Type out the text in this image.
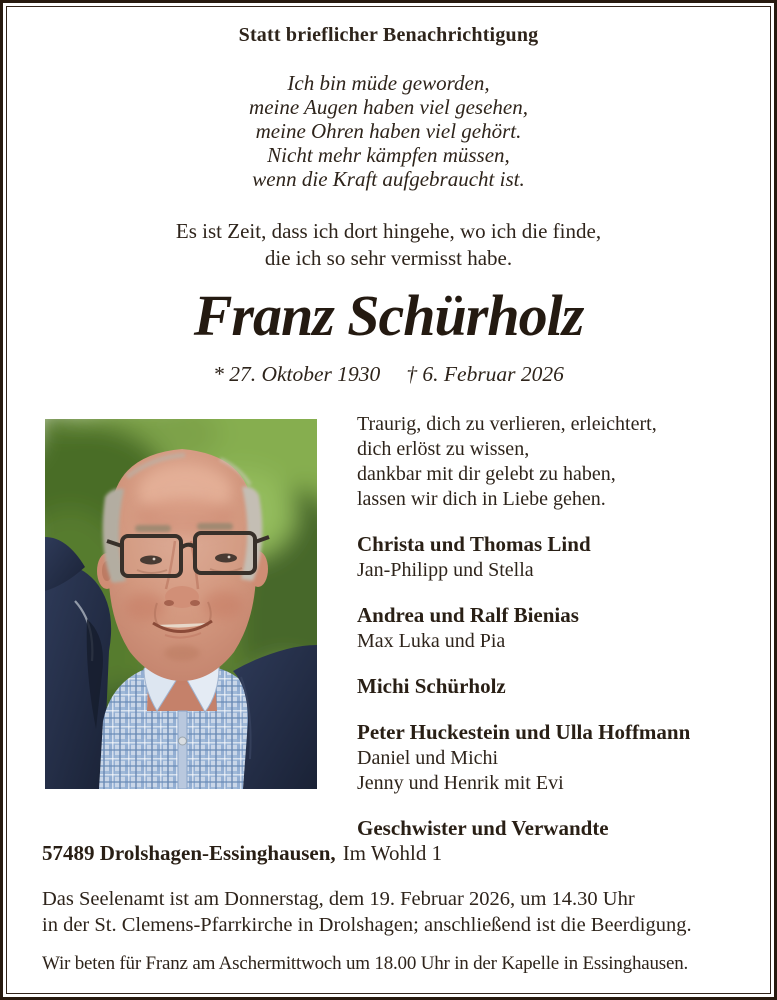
Statt brieflicher Benachrichtigung
Ich bin müde geworden,
meine Augen haben viel gesehen,
meine Ohren haben viel gehört.
Nicht mehr kämpfen müssen,
wenn die Kraft aufgebraucht ist.
Es ist Zeit, dass ich dort hingehe, wo ich die finde,
die ich so sehr vermisst habe.
Franz Schürholz
* 27. Oktober 1930 † 6. Februar 2026
Traurig, dich zu verlieren, erleichtert,
dich erlöst zu wissen,
dankbar mit dir gelebt zu haben,
lassen wir dich in Liebe gehen.
Christa und Thomas Lind
Jan-Philipp und Stella
Andrea und Ralf Bienias
Max Luka und Pia
Michi Schürholz
Peter Huckestein und Ulla Hoffmann
Daniel und Michi
Jenny und Henrik mit Evi
Geschwister und Verwandte
57489 Drolshagen-Essinghausen, Im Wohld 1
Das Seelenamt ist am Donnerstag, dem 19. Februar 2026, um 14.30 Uhr
in der St. Clemens-Pfarrkirche in Drolshagen; anschließend ist die Beerdigung.
Wir beten für Franz am Aschermittwoch um 18.00 Uhr in der Kapelle in Essinghausen.
